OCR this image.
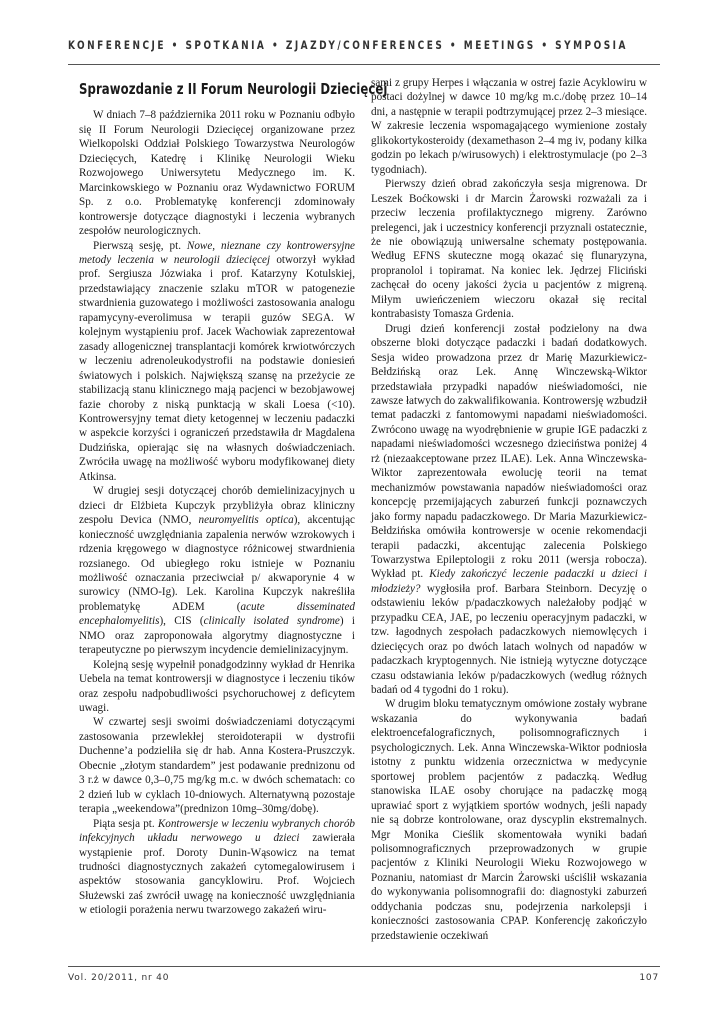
KONFERENCJE • SPOTKANIA • ZJAZDY/CONFERENCES • MEETINGS • SYMPOSIA
Sprawozdanie z II Forum Neurologii Dziecięcej

W dniach 7–8 października 2011 roku w Poznaniu odbyło się II Forum Neurologii Dziecięcej organizowane przez Wielkopolski Oddział Polskiego Towarzystwa Neurologów Dziecięcych, Katedrę i Klinikę Neurologii Wieku Rozwojowego Uniwersytetu Medycznego im. K. Marcinkowskiego w Poznaniu oraz Wydawnictwo FORUM Sp. z o.o. Problematykę konferencji zdominowały kontrowersje dotyczące diagnostyki i leczenia wybranych zespołów neurologicznych.

Pierwszą sesję, pt. Nowe, nieznane czy kontrowersyjne metody leczenia w neurologii dziecięcej otworzył wykład prof. Sergiusza Józwiaka i prof. Katarzyny Kotulskiej, przedstawiający znaczenie szlaku mTOR w patogenezie stwardnienia guzowatego i możliwości zastosowania analogu rapamycyny-everolimusa w terapii guzów SEGA. W kolejnym wystąpieniu prof. Jacek Wachowiak zaprezentował zasady allogenicznej transplantacji komórek krwiotwórczych w leczeniu adrenoleukodystrofii na podstawie doniesień światowych i polskich. Największą szansę na przeżycie ze stabilizacją stanu klinicznego mają pacjenci w bezobjawowej fazie choroby z niską punktacją w skali Loesa (<10). Kontrowersyjny temat diety ketogennej w leczeniu padaczki w aspekcie korzyści i ograniczeń przedstawiła dr Magdalena Dudzińska, opierając się na własnych doświadczeniach. Zwróciła uwagę na możliwość wyboru modyfikowanej diety Atkinsa.

W drugiej sesji dotyczącej chorób demielinizacyjnych u dzieci dr Elżbieta Kupczyk przybliżyła obraz kliniczny zespołu Devica (NMO, neuromyelitis optica), akcentując konieczność uwzględniania zapalenia nerwów wzrokowych i rdzenia kręgowego w diagnostyce różnicowej stwardnienia rozsianego. Od ubiegłego roku istnieje w Poznaniu możliwość oznaczania przeciwciał p/ akwaporynie 4 w surowicy (NMO-Ig). Lek. Karolina Kupczyk nakreśliła problematykę ADEM (acute disseminated encephalomyelitis), CIS (clinically isolated syndrome) i NMO oraz zaproponowała algorytmy diagnostyczne i terapeutyczne po pierwszym incydencie demielinizacyjnym.

Kolejną sesję wypełnił ponadgodzinny wykład dr Henrika Uebela na temat kontrowersji w diagnostyce i leczeniu tików oraz zespołu nadpobudliwości psychoruchowej z deficytem uwagi.

W czwartej sesji swoimi doświadczeniami dotyczącymi zastosowania przewlekłej steroidoterapii w dystrofii Duchenne’a podzieliła się dr hab. Anna Kostera-Pruszczyk. Obecnie „złotym standardem” jest podawanie prednizonu od 3 r.ż w dawce 0,3–0,75 mg/kg m.c. w dwóch schematach: co 2 dzień lub w cyklach 10-dniowych. Alternatywną pozostaje terapia „weekendowa”(prednizon 10mg–30mg/dobę).

Piąta sesja pt. Kontrowersje w leczeniu wybranych chorób infekcyjnych układu nerwowego u dzieci zawierała wystąpienie prof. Doroty Dunin-Wąsowicz na temat trudności diagnostycznych zakażeń cytomegalowirusem i aspektów stosowania gancyklowiru. Prof. Wojciech Służewski zaś zwrócił uwagę na konieczność uwzględniania w etiologii porażenia nerwu twarzowego zakażeń wiru-

sami z grupy Herpes i włączania w ostrej fazie Acyklowiru w postaci dożylnej w dawce 10 mg/kg m.c./dobę przez 10–14 dni, a następnie w terapii podtrzymującej przez 2–3 miesiące. W zakresie leczenia wspomagającego wymienione zostały glikokortykosteroidy (dexamethason 2–4 mg iv, podany kilka godzin po lekach p/wirusowych) i elektrostymulacje (po 2–3 tygodniach).

Pierwszy dzień obrad zakończyła sesja migrenowa. Dr Leszek Boćkowski i dr Marcin Żarowski rozważali za i przeciw leczenia profilaktycznego migreny. Zarówno prelegenci, jak i uczestnicy konferencji przyznali ostatecznie, że nie obowiązują uniwersalne schematy postępowania. Według EFNS skuteczne mogą okazać się flunaryzyna, propranolol i topiramat. Na koniec lek. Jędrzej Fliciński zachęcał do oceny jakości życia u pacjentów z migreną. Miłym uwieńczeniem wieczoru okazał się recital kontrabasisty Tomasza Grdenia.

Drugi dzień konferencji został podzielony na dwa obszerne bloki dotyczące padaczki i badań dodatkowych. Sesja wideo prowadzona przez dr Marię Mazurkiewicz-Bełdzińską oraz Lek. Annę Winczewską-Wiktor przedstawiała przypadki napadów nieświadomości, nie zawsze łatwych do zakwalifikowania. Kontrowersję wzbudził temat padaczki z fantomowymi napadami nieświadomości. Zwrócono uwagę na wyodrębnienie w grupie IGE padaczki z napadami nieświadomości wczesnego dzieciństwa poniżej 4 rż (niezaakceptowane przez ILAE). Lek. Anna Winczewska-Wiktor zaprezentowała ewolucję teorii na temat mechanizmów powstawania napadów nieświadomości oraz koncepcję przemijających zaburzeń funkcji poznawczych jako formy napadu padaczkowego. Dr Maria Mazurkiewicz-Bełdzińska omówiła kontrowersje w ocenie rekomendacji terapii padaczki, akcentując zalecenia Polskiego Towarzystwa Epileptologii z roku 2011 (wersja robocza). Wykład pt. Kiedy zakończyć leczenie padaczki u dzieci i młodzieży? wygłosiła prof. Barbara Steinborn. Decyzję o odstawieniu leków p/padaczkowych należałoby podjąć w przypadku CEA, JAE, po leczeniu operacyjnym padaczki, w tzw. łagodnych zespołach padaczkowych niemowlęcych i dziecięcych oraz po dwóch latach wolnych od napadów w padaczkach kryptogennych. Nie istnieją wytyczne dotyczące czasu odstawiania leków p/padaczkowych (według różnych badań od 4 tygodni do 1 roku).

W drugim bloku tematycznym omówione zostały wybrane wskazania do wykonywania badań elektroencefalograficznych, polisomnograficznych i psychologicznych. Lek. Anna Winczewska-Wiktor podniosła istotny z punktu widzenia orzecznictwa w medycynie sportowej problem pacjentów z padaczką. Według stanowiska ILAE osoby chorujące na padaczkę mogą uprawiać sport z wyjątkiem sportów wodnych, jeśli napady nie są dobrze kontrolowane, oraz dyscyplin ekstremalnych. Mgr Monika Cieślik skomentowała wyniki badań polisomnograficznych przeprowadzonych w grupie pacjentów z Kliniki Neurologii Wieku Rozwojowego w Poznaniu, natomiast dr Marcin Żarowski uściślił wskazania do wykonywania polisomnografii do: diagnostyki zaburzeń oddychania podczas snu, podejrzenia narkolepsji i konieczności zastosowania CPAP. Konferencję zakończyło przedstawienie oczekiwań

Vol. 20/2011, nr 40	107
